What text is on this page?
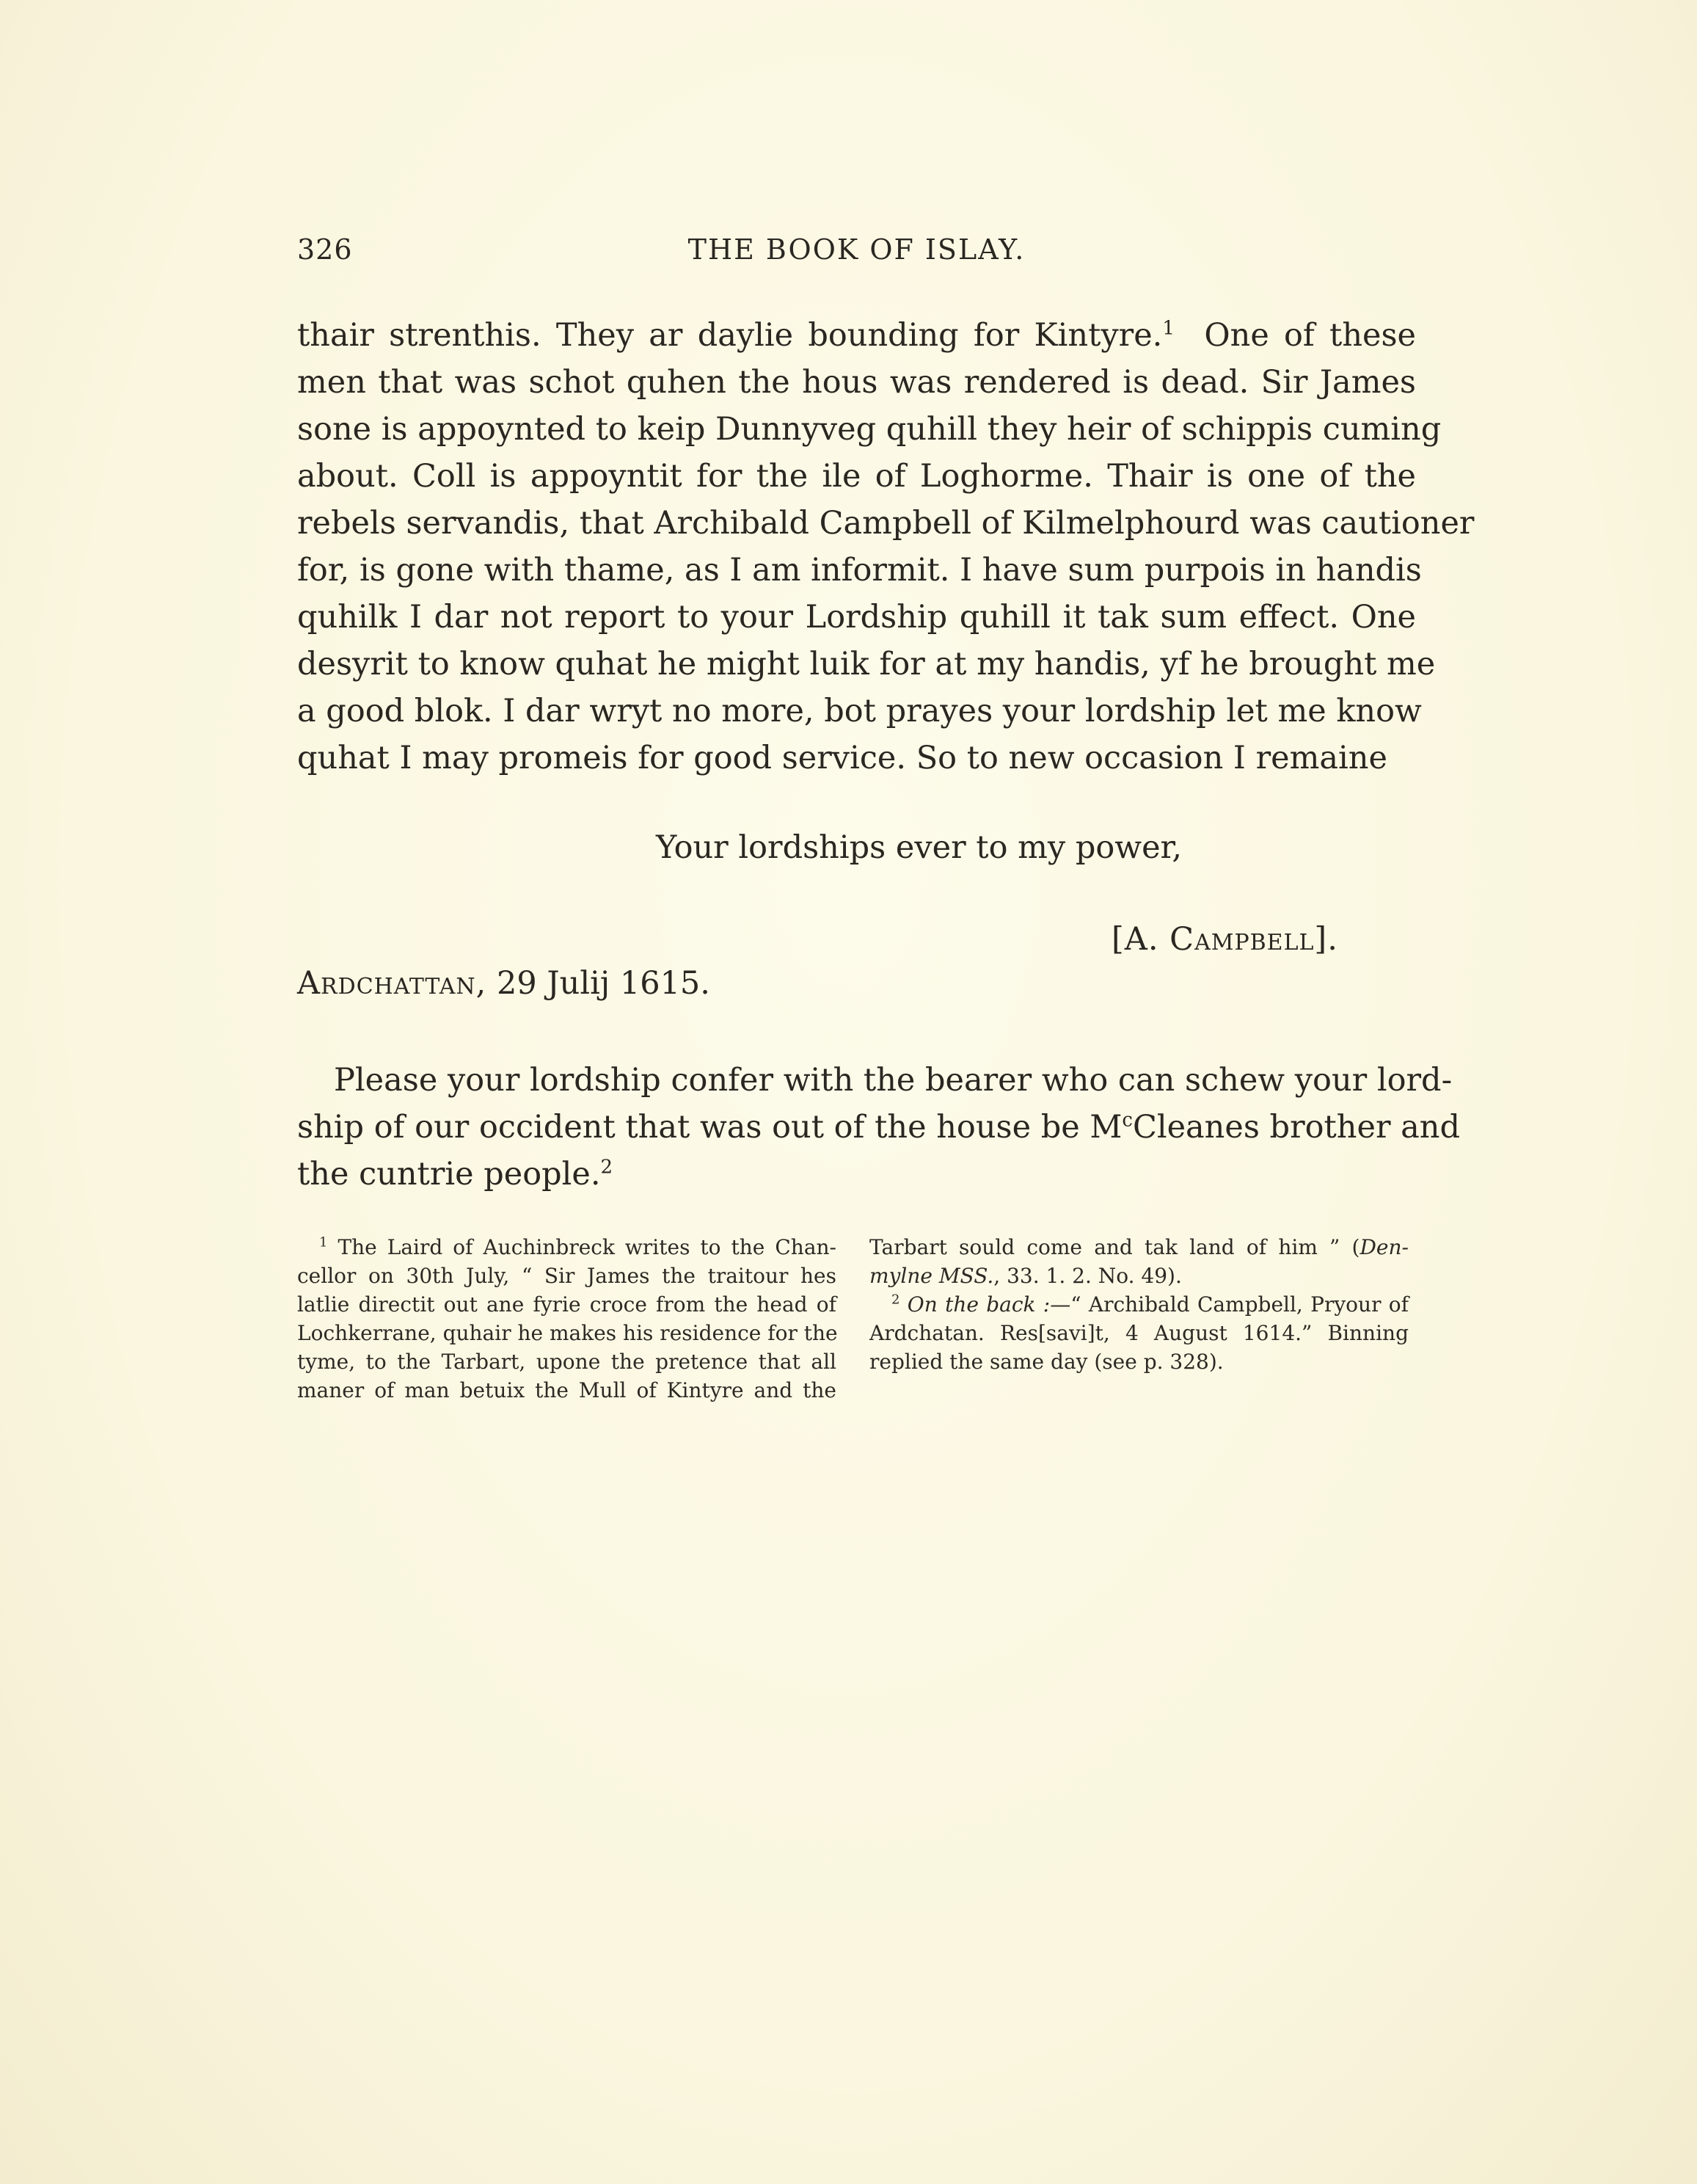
326	THE BOOK OF ISLAY.
thair strenthis. They ar daylie bounding for Kintyre.$^1$ One of these
men that was schot quhen the hous was rendered is dead. Sir James
sone is appoynted to keip Dunnyveg quhill they heir of schippis cuming
about. Coll is appoyntit for the ile of Loghorme. Thair is one of the
rebels servandis, that Archibald Campbell of Kilmelphourd was cautioner
for, is gone with thame, as I am informit. I have sum purpois in handis
quhilk I dar not report to your Lordship quhill it tak sum effect. One
desyrit to know quhat he might luik for at my handis, yf he brought me
a good blok. I dar wryt no more, bot prayes your lordship let me know
quhat I may promeis for good service. So to new occasion I remaine
Your lordships ever to my power,
[A. Campbell].
Ardchattan, 29 Julij 1615.
Please your lordship confer with the bearer who can schew your lord-
ship of our occident that was out of the house be $M^cCleanes$ brother and
the cuntrie people.$^2$
$^1$ The Laird of Auchinbreck writes to the Chan-
cellor on 30th July, “ Sir James the traitour hes
latlie directit out ane fyrie croce from the head of
Lochkerrane, quhair he makes his residence for the
tyme, to the Tarbart, upone the pretence that all
maner of man betuix the Mull of Kintyre and the
Tarbart sould come and tak land of him ” (Den-
mylne MSS., 33. 1. 2. No. 49).
$^2$ On the back :—“ Archibald Campbell, Pryour of
Ardchatan. Res[savi]t, 4 August 1614.” Binning
replied the same day (see p. 328).
